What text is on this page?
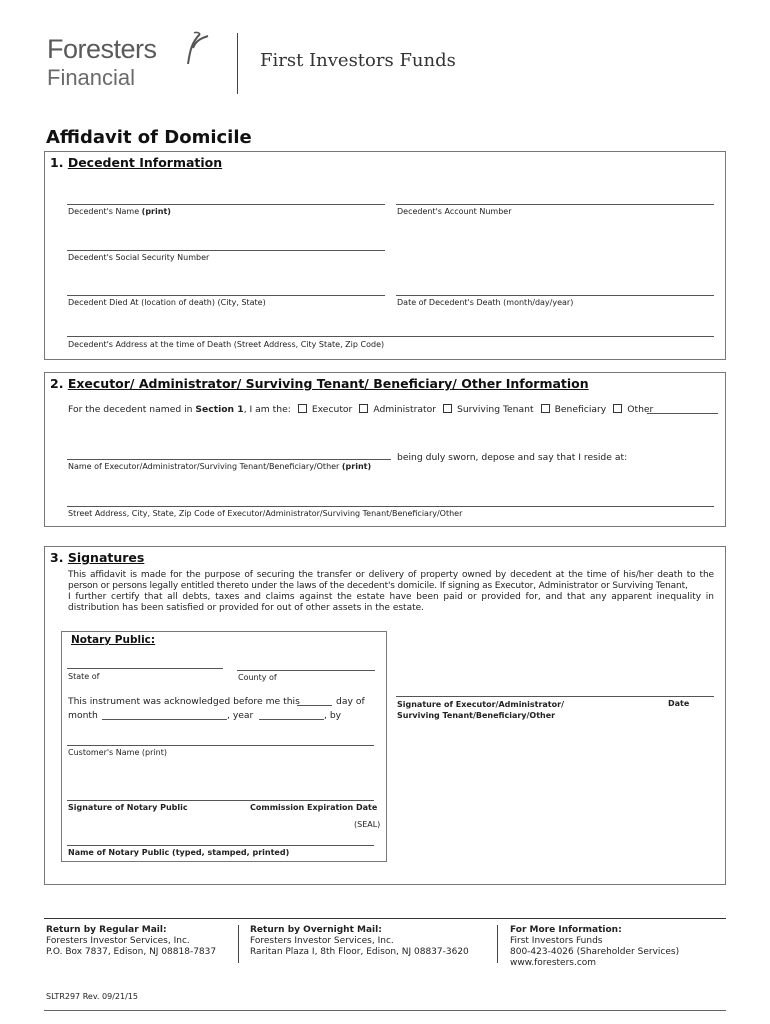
Foresters
Financial
First Investors Funds
Affidavit of Domicile
1. Decedent Information
Decedent's Name (print)	Decedent's Account Number
Decedent's Social Security Number
Decedent Died At (location of death) (City, State)	Date of Decedent's Death (month/day/year)
Decedent's Address at the time of Death (Street Address, City State, Zip Code)
2. Executor/ Administrator/ Surviving Tenant/ Beneficiary/ Other Information
For the decedent named in Section 1, I am the: Executor Administrator Surviving Tenant Beneficiary Other
being duly sworn, depose and say that I reside at:
Name of Executor/Administrator/Surviving Tenant/Beneficiary/Other (print)
Street Address, City, State, Zip Code of Executor/Administrator/Surviving Tenant/Beneficiary/Other
3. Signatures
This affidavit is made for the purpose of securing the transfer or delivery of property owned by decedent at the time of his/her death to the
person or persons legally entitled thereto under the laws of the decedent's domicile. If signing as Executor, Administrator or Surviving Tenant,
I further certify that all debts, taxes and claims against the estate have been paid or provided for, and that any apparent inequality in
distribution has been satisfied or provided for out of other assets in the estate.
Notary Public:
State of	County of
This instrument was acknowledged before me this	day of
month	, year	, by
Customer's Name (print)
Signature of Notary Public	Commission Expiration Date
(SEAL)
Name of Notary Public (typed, stamped, printed)
Signature of Executor/Administrator/
Surviving Tenant/Beneficiary/Other
Date
Return by Regular Mail:
Foresters Investor Services, Inc.
P.O. Box 7837, Edison, NJ 08818-7837
Return by Overnight Mail:
Foresters Investor Services, Inc.
Raritan Plaza I, 8th Floor, Edison, NJ 08837-3620
For More Information:
First Investors Funds
800-423-4026 (Shareholder Services)
www.foresters.com
SLTR297 Rev. 09/21/15
